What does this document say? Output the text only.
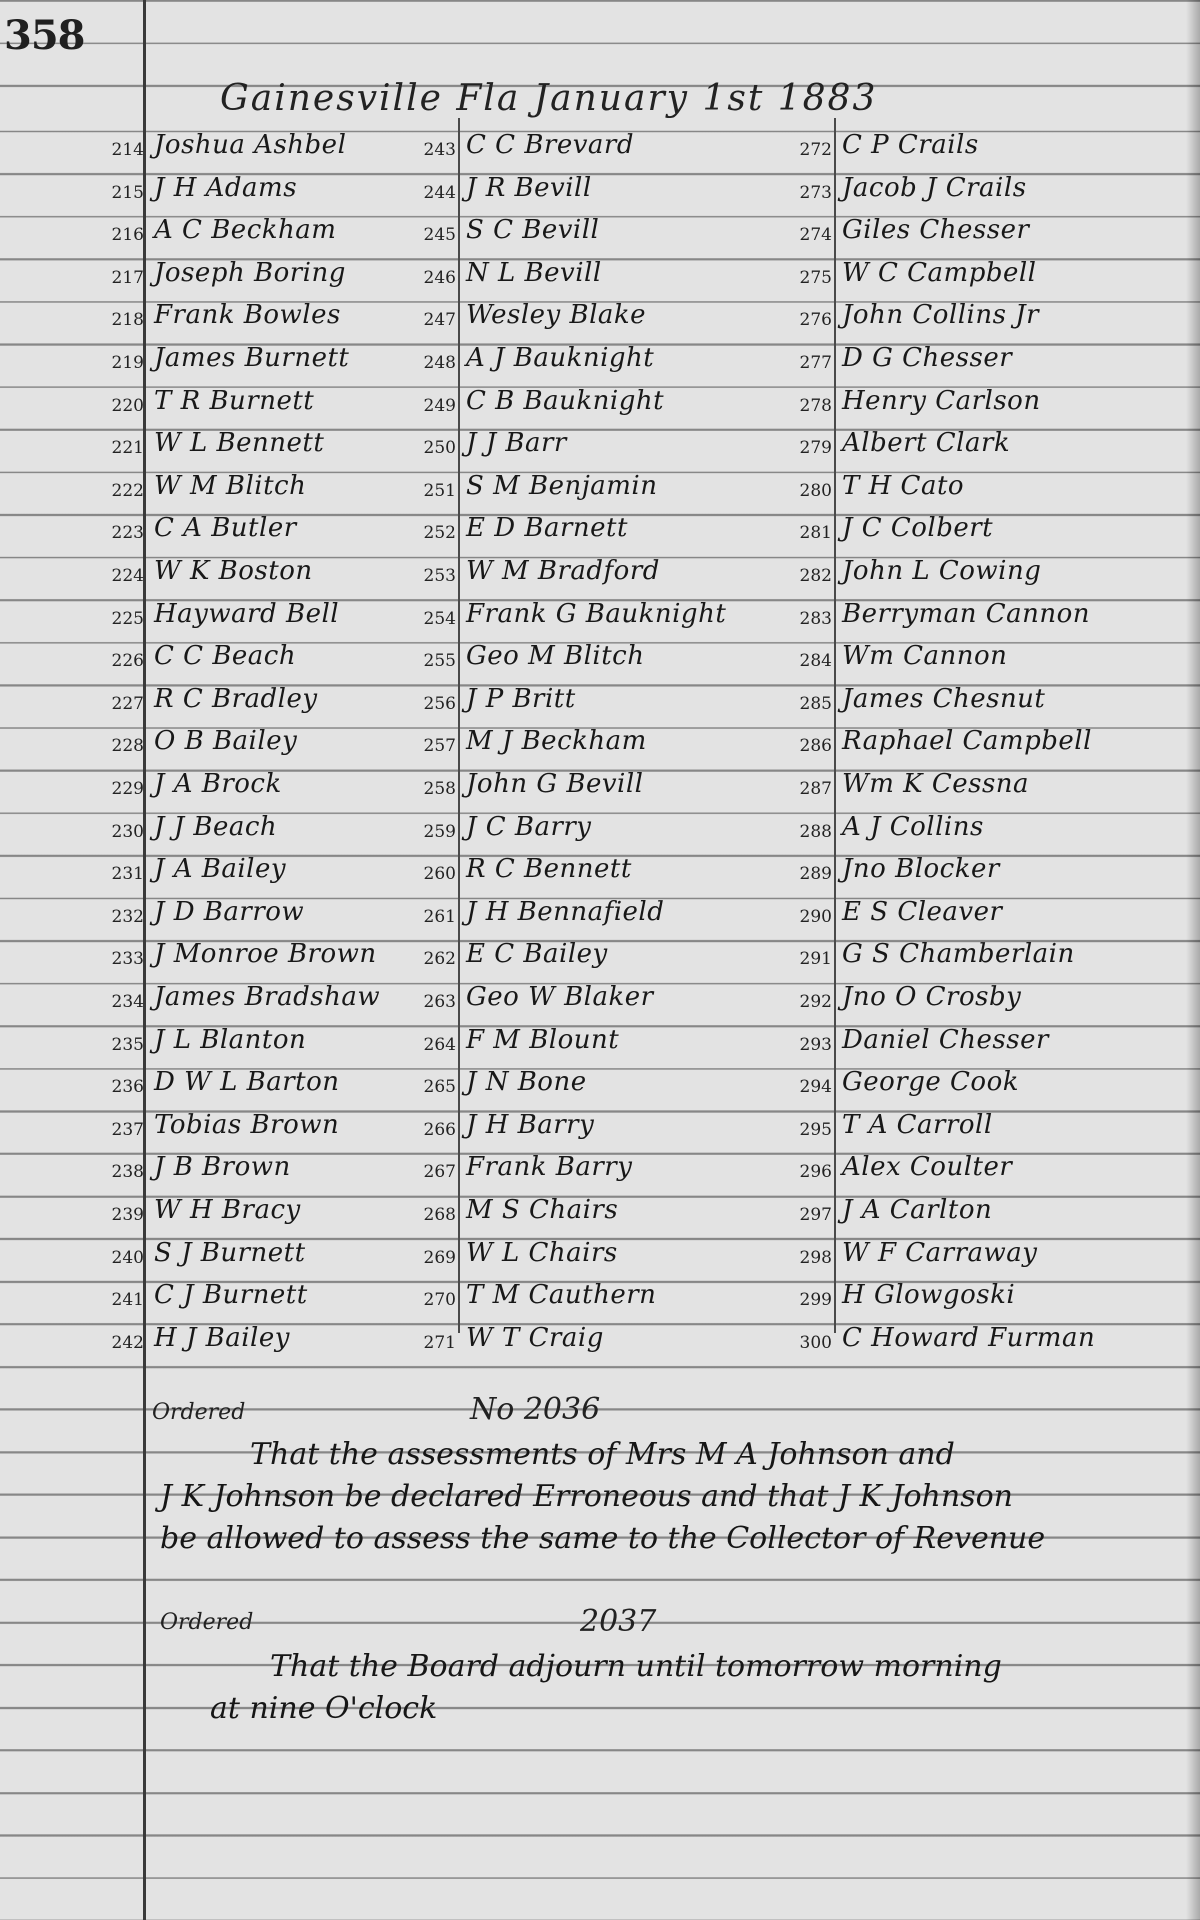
358
Gainesville Fla January 1st 1883
214 Joshua Ashbel
215 J H Adams
216 A C Beckham
217 Joseph Boring
218 Frank Bowles
219 James Burnett
220 T R Burnett
221 W L Bennett
222 W M Blitch
223 C A Butler
224 W K Boston
225 Hayward Bell
226 C C Beach
227 R C Bradley
228 O B Bailey
229 J A Brock
230 J J Beach
231 J A Bailey
232 J D Barrow
233 J Monroe Brown
234 James Bradshaw
235 J L Blanton
236 D W L Barton
237 Tobias Brown
238 J B Brown
239 W H Bracy
240 S J Burnett
241 C J Burnett
242 H J Bailey
243 C C Brevard
244 J R Bevill
245 S C Bevill
246 N L Bevill
247 Wesley Blake
248 A J Bauknight
249 C B Bauknight
250 J J Barr
251 S M Benjamin
252 E D Barnett
253 W M Bradford
254 Frank G Bauknight
255 Geo M Blitch
256 J P Britt
257 M J Beckham
258 John G Bevill
259 J C Barry
260 R C Bennett
261 J H Bennafield
262 E C Bailey
263 Geo W Blaker
264 F M Blount
265 J N Bone
266 J H Barry
267 Frank Barry
268 M S Chairs
269 W L Chairs
270 T M Cauthern
271 W T Craig
272 C P Crails
273 Jacob J Crails
274 Giles Chesser
275 W C Campbell
276 John Collins Jr
277 D G Chesser
278 Henry Carlson
279 Albert Clark
280 T H Cato
281 J C Colbert
282 John L Cowing
283 Berryman Cannon
284 Wm Cannon
285 James Chesnut
286 Raphael Campbell
287 Wm K Cessna
288 A J Collins
289 Jno Blocker
290 E S Cleaver
291 G S Chamberlain
292 Jno O Crosby
293 Daniel Chesser
294 George Cook
295 T A Carroll
296 Alex Coulter
297 J A Carlton
298 W F Carraway
299 H Glowgoski
300 C Howard Furman
Ordered	No 2036
That the assessments of Mrs M A Johnson and
J K Johnson be declared Erroneous and that J K Johnson
be allowed to assess the same to the Collector of Revenue
Ordered	2037
That the Board adjourn until tomorrow morning
at nine O'clock
